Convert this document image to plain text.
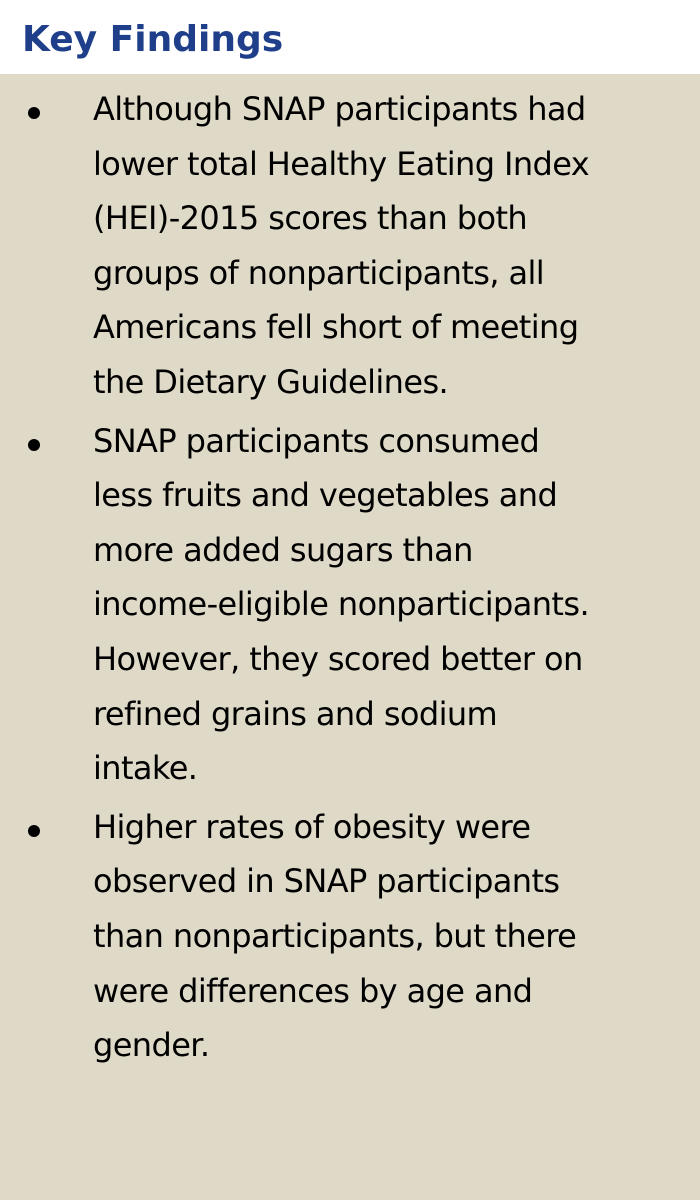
Key Findings
Although SNAP participants had
lower total Healthy Eating Index
(HEI)-2015 scores than both
groups of nonparticipants, all
Americans fell short of meeting
the Dietary Guidelines.
SNAP participants consumed
less fruits and vegetables and
more added sugars than
income-eligible nonparticipants.
However, they scored better on
refined grains and sodium
intake.
Higher rates of obesity were
observed in SNAP participants
than nonparticipants, but there
were differences by age and
gender.
